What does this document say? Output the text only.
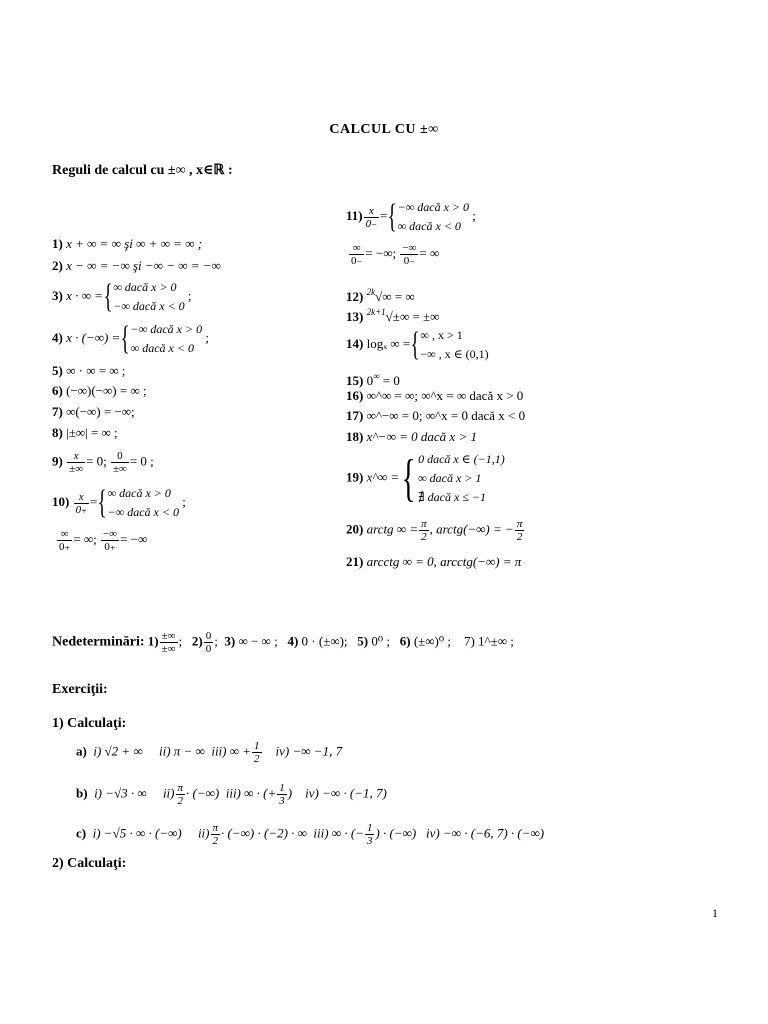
CALCUL CU ±∞
Reguli de calcul cu ±∞ , x∈ℝ :
1) x + ∞ = ∞ şi ∞ + ∞ = ∞ ;
2) x − ∞ = −∞ şi −∞ − ∞ = −∞
3) x · ∞ ={ ∞ dacă x > 0
−∞ dacă x < 0
;
4) x · (−∞) ={ −∞ dacă x > 0
∞ dacă x < 0
;
5) ∞ · ∞ = ∞ ;
6) (−∞)(−∞) = ∞ ;
7) ∞(−∞) = −∞;
8) |±∞| = ∞ ;
$9) \frac{x}{\pm\infty} = 0$; $\frac{0}{\pm\infty} = 0$ ;
$10) \frac{x}{0_+}$ ={ ∞ dacă x > 0
−∞ dacă x < 0
;
$\frac{\infty}{0_+}$ = ∞; $\frac{-\infty}{0_+}$ = −∞
$11) \frac{x}{0_-}$ ={ −∞ dacă x > 0
∞ dacă x < 0
;
$\frac{\infty}{0_-}$ = −∞; $\frac{-\infty}{0_-}$ = ∞
12) $^{2k}$√∞ = ∞
13) $^{2k+1}$√±∞ = ±∞
14) logₓ ∞ ={ ∞ , x > 1
−∞ , x ∈ (0,1)
15) 0∞ = 0
16) ∞^∞ = ∞; ∞^x = ∞ dacă x > 0
17) ∞^−∞ = 0; ∞^x = 0 dacă x < 0
18) x^−∞ = 0 dacă x > 1
19) x^∞ ={ 0 dacă x ∈ (−1,1)
∞ dacă x > 1
∄ dacă x ≤ −1
20) arctg ∞ = $\frac{\pi}{2}$ , arctg(−∞) = − $\frac{\pi}{2}$
21) arcctg ∞ = 0, arcctg(−∞) = π
Nedeterminări: $1) \frac{\pm\infty}{\pm\infty}$ ; $2) \frac{0}{0}$ ; 3) ∞ − ∞ ; 4) 0 · (±∞); 5) 0⁰ ; 6) (±∞)⁰ ; 7) 1^±∞ ;
Exerciţii:
1) Calculaţi:
a) i) √2 + ∞ ii) π − ∞ iii) ∞ + $\frac{1}{2} iv$) −∞ −1, 7
b) i) −√3 · ∞ $ii) \frac{\pi}{2}$ · (−∞) iii) ∞ · (+ $\frac{1}{3}$ ) iv) −∞ · (−1, 7)
c) i) −√5 · ∞ · (−∞) $ii) \frac{\pi}{2}$ · (−∞) · (−2) · ∞ iii) ∞ · (− $\frac{1}{3}$ ) · (−∞) iv) −∞ · (−6, 7) · (−∞)
2) Calculaţi:
1
